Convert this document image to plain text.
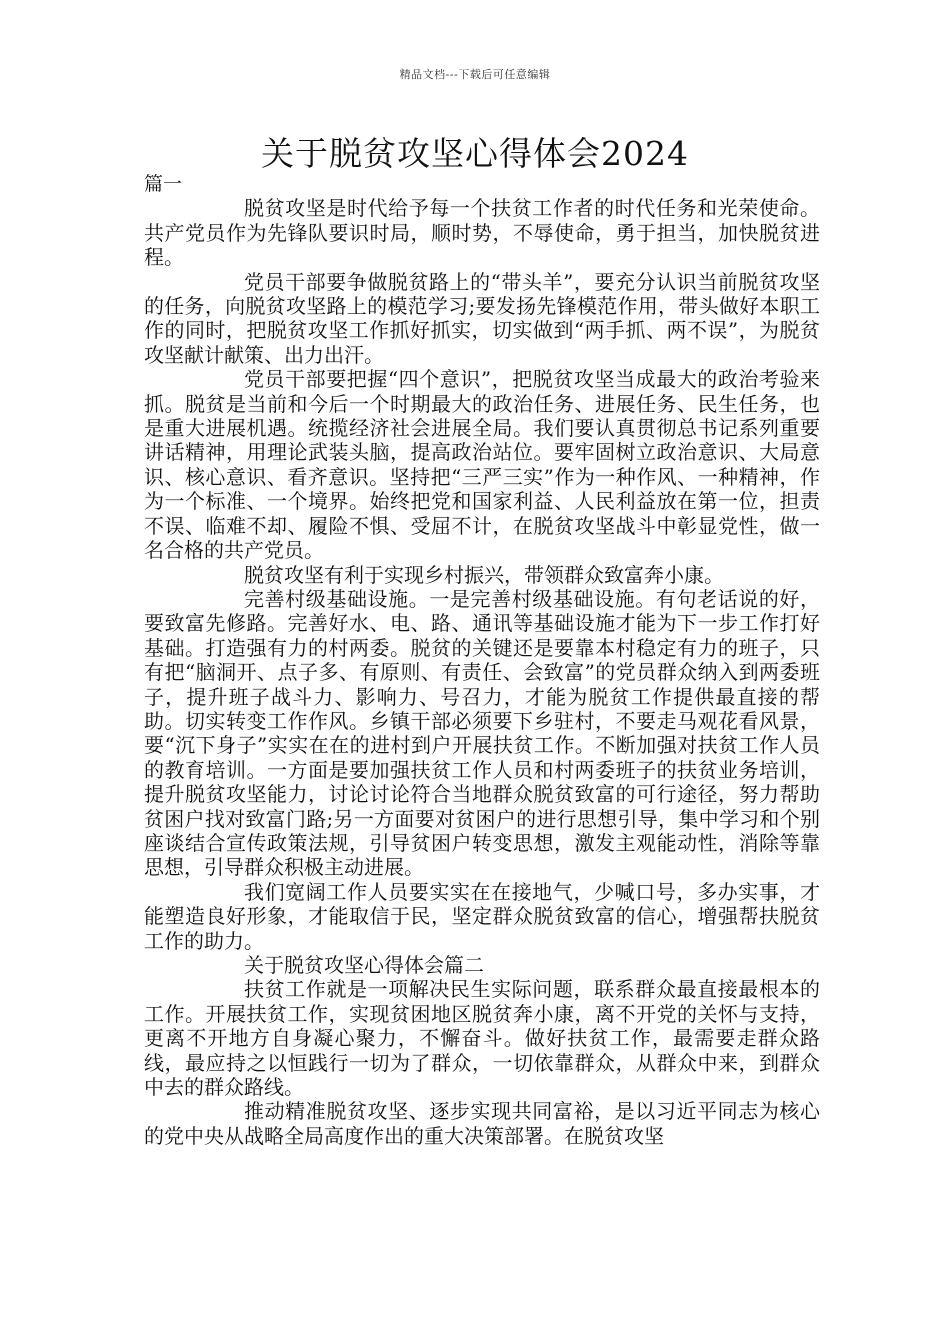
精品文档---下载后可任意编辑
关于脱贫攻坚心得体会2024

篇一

脱贫攻坚是时代给予每一个扶贫工作者的时代任务和光荣使命。共产党员作为先锋队要识时局，顺时势，不辱使命，勇于担当，加快脱贫进程。

党员干部要争做脱贫路上的“带头羊”，要充分认识当前脱贫攻坚的任务，向脱贫攻坚路上的模范学习;要发扬先锋模范作用，带头做好本职工作的同时，把脱贫攻坚工作抓好抓实，切实做到“两手抓、两不误”，为脱贫攻坚献计献策、出力出汗。

党员干部要把握“四个意识”，把脱贫攻坚当成最大的政治考验来抓。脱贫是当前和今后一个时期最大的政治任务、进展任务、民生任务，也是重大进展机遇。统揽经济社会进展全局。我们要认真贯彻总书记系列重要讲话精神，用理论武装头脑，提高政治站位。要牢固树立政治意识、大局意识、核心意识、看齐意识。坚持把“三严三实”作为一种作风、一种精神，作为一个标准、一个境界。始终把党和国家利益、人民利益放在第一位，担责不误、临难不却、履险不惧、受屈不计，在脱贫攻坚战斗中彰显党性，做一名合格的共产党员。

脱贫攻坚有利于实现乡村振兴，带领群众致富奔小康。

完善村级基础设施。一是完善村级基础设施。有句老话说的好，要致富先修路。完善好水、电、路、通讯等基础设施才能为下一步工作打好基础。打造强有力的村两委。脱贫的关键还是要靠本村稳定有力的班子，只有把“脑洞开、点子多、有原则、有责任、会致富”的党员群众纳入到两委班子，提升班子战斗力、影响力、号召力，才能为脱贫工作提供最直接的帮助。切实转变工作作风。乡镇干部必须要下乡驻村，不要走马观花看风景，要“沉下身子”实实在在的进村到户开展扶贫工作。不断加强对扶贫工作人员的教育培训。一方面是要加强扶贫工作人员和村两委班子的扶贫业务培训，提升脱贫攻坚能力，讨论讨论符合当地群众脱贫致富的可行途径，努力帮助贫困户找对致富门路;另一方面要对贫困户的进行思想引导，集中学习和个别座谈结合宣传政策法规，引导贫困户转变思想，激发主观能动性，消除等靠思想，引导群众积极主动进展。

我们宽阔工作人员要实实在在接地气，少喊口号，多办实事，才能塑造良好形象，才能取信于民，坚定群众脱贫致富的信心，增强帮扶脱贫工作的助力。

关于脱贫攻坚心得体会篇二

扶贫工作就是一项解决民生实际问题，联系群众最直接最根本的工作。开展扶贫工作，实现贫困地区脱贫奔小康，离不开党的关怀与支持，更离不开地方自身凝心聚力，不懈奋斗。做好扶贫工作，最需要走群众路线，最应持之以恒践行一切为了群众，一切依靠群众，从群众中来，到群众中去的群众路线。

推动精准脱贫攻坚、逐步实现共同富裕，是以习近平同志为核心的党中央从战略全局高度作出的重大决策部署。在脱贫攻坚
